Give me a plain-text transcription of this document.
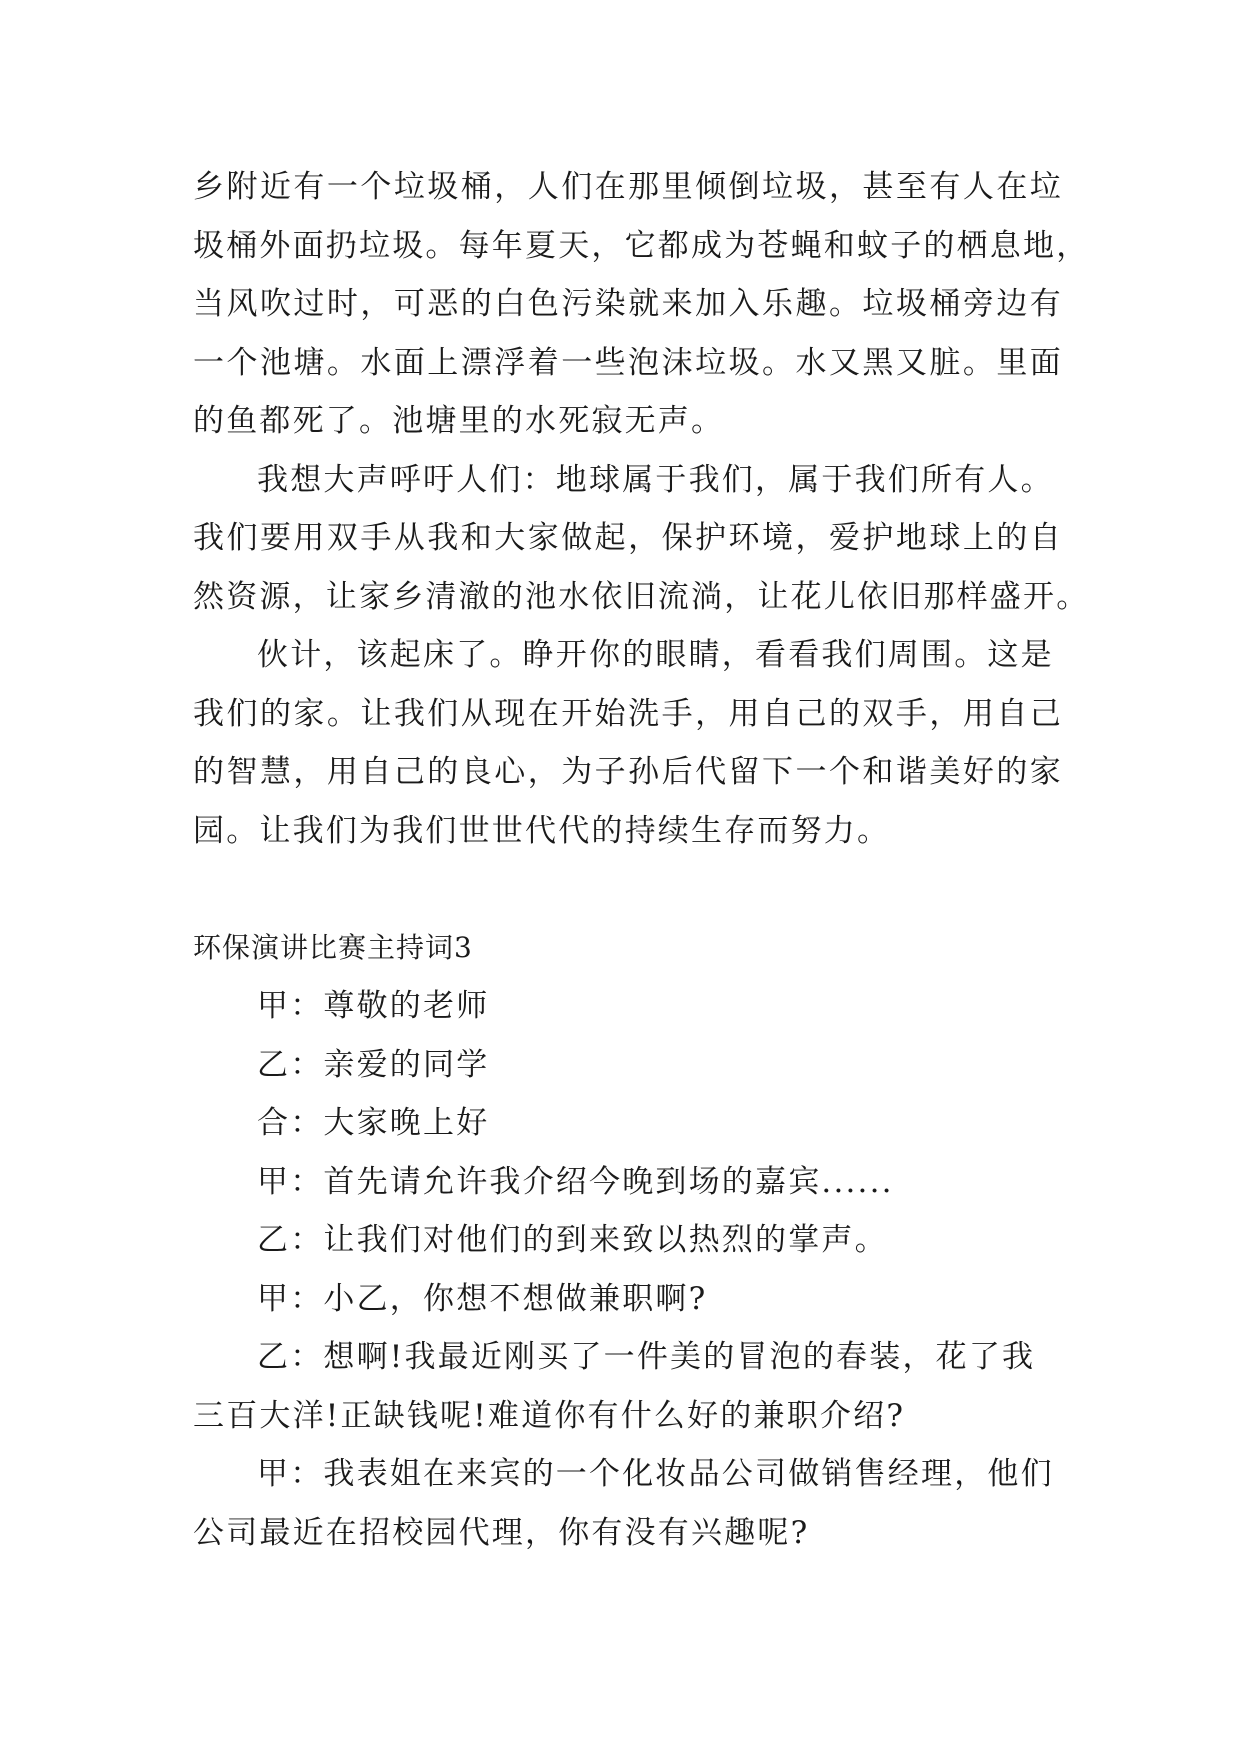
乡附近有一个垃圾桶，人们在那里倾倒垃圾，甚至有人在垃
圾桶外面扔垃圾。每年夏天，它都成为苍蝇和蚊子的栖息地，
当风吹过时，可恶的白色污染就来加入乐趣。垃圾桶旁边有
一个池塘。水面上漂浮着一些泡沫垃圾。水又黑又脏。里面
的鱼都死了。池塘里的水死寂无声。
我想大声呼吁人们：地球属于我们，属于我们所有人。
我们要用双手从我和大家做起，保护环境，爱护地球上的自
然资源，让家乡清澈的池水依旧流淌，让花儿依旧那样盛开。
伙计，该起床了。睁开你的眼睛，看看我们周围。这是
我们的家。让我们从现在开始洗手，用自己的双手，用自己
的智慧，用自己的良心，为子孙后代留下一个和谐美好的家
园。让我们为我们世世代代的持续生存而努力。
环保演讲比赛主持词3
甲：尊敬的老师
乙：亲爱的同学
合：大家晚上好
甲：首先请允许我介绍今晚到场的嘉宾......
乙：让我们对他们的到来致以热烈的掌声。
甲：小乙，你想不想做兼职啊?
乙：想啊!我最近刚买了一件美的冒泡的春装，花了我
三百大洋!正缺钱呢!难道你有什么好的兼职介绍?
甲：我表姐在来宾的一个化妆品公司做销售经理，他们
公司最近在招校园代理，你有没有兴趣呢?
